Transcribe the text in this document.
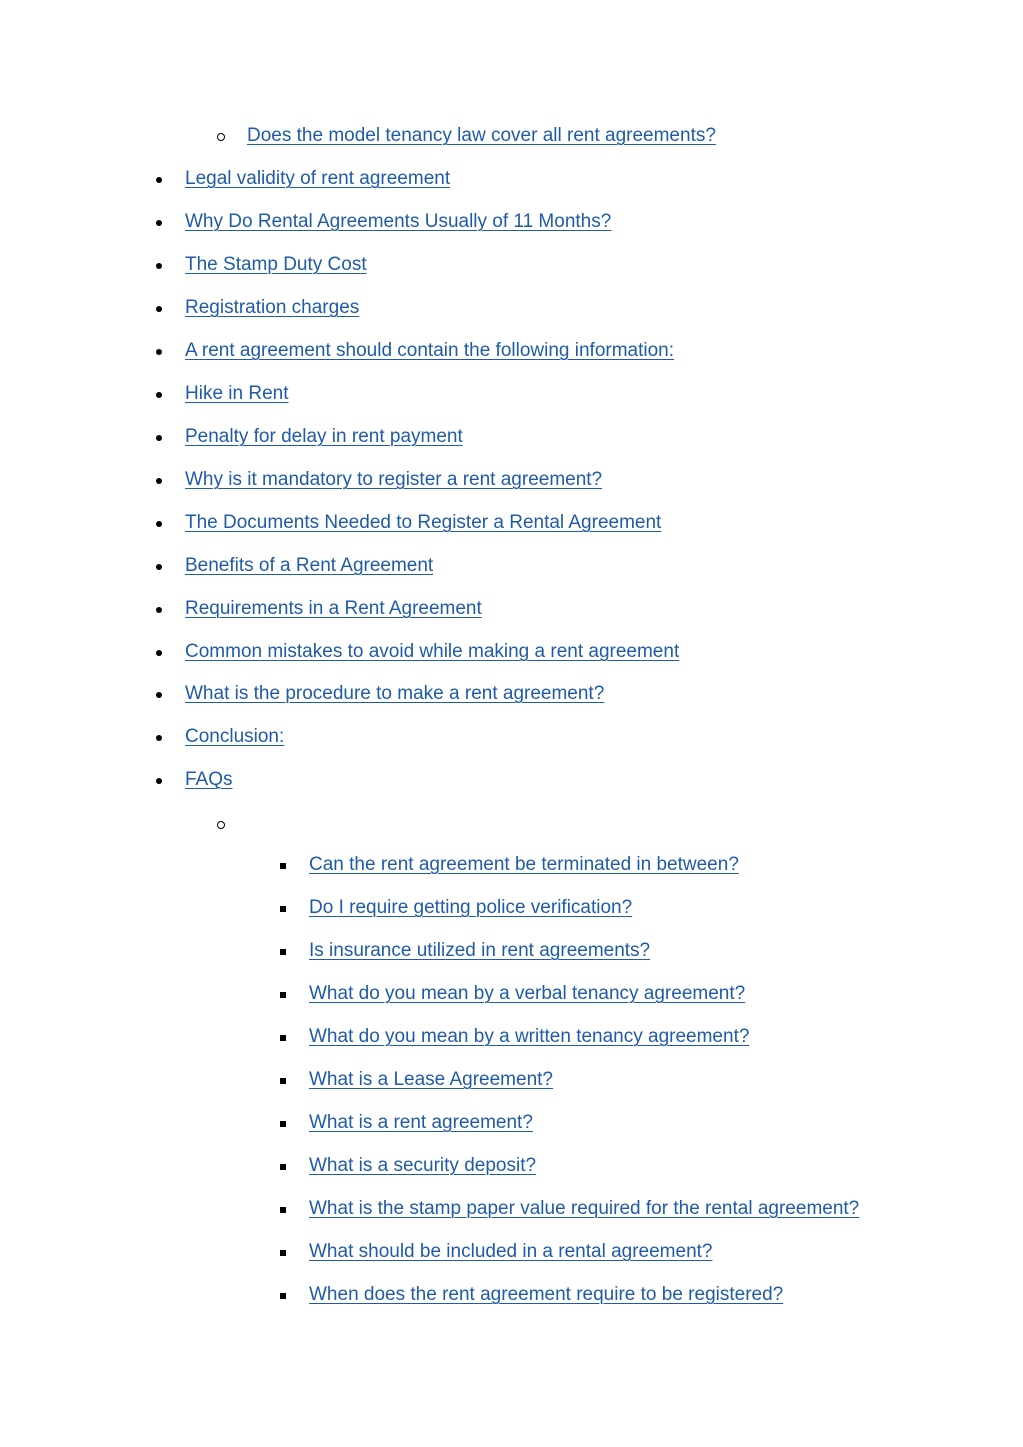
Does the model tenancy law cover all rent agreements?
Legal validity of rent agreement
Why Do Rental Agreements Usually of 11 Months?
The Stamp Duty Cost
Registration charges
A rent agreement should contain the following information:
Hike in Rent
Penalty for delay in rent payment
Why is it mandatory to register a rent agreement?
The Documents Needed to Register a Rental Agreement
Benefits of a Rent Agreement
Requirements in a Rent Agreement
Common mistakes to avoid while making a rent agreement
What is the procedure to make a rent agreement?
Conclusion:
FAQs
Can the rent agreement be terminated in between?
Do I require getting police verification?
Is insurance utilized in rent agreements?
What do you mean by a verbal tenancy agreement?
What do you mean by a written tenancy agreement?
What is a Lease Agreement?
What is a rent agreement?
What is a security deposit?
What is the stamp paper value required for the rental agreement?
What should be included in a rental agreement?
When does the rent agreement require to be registered?
